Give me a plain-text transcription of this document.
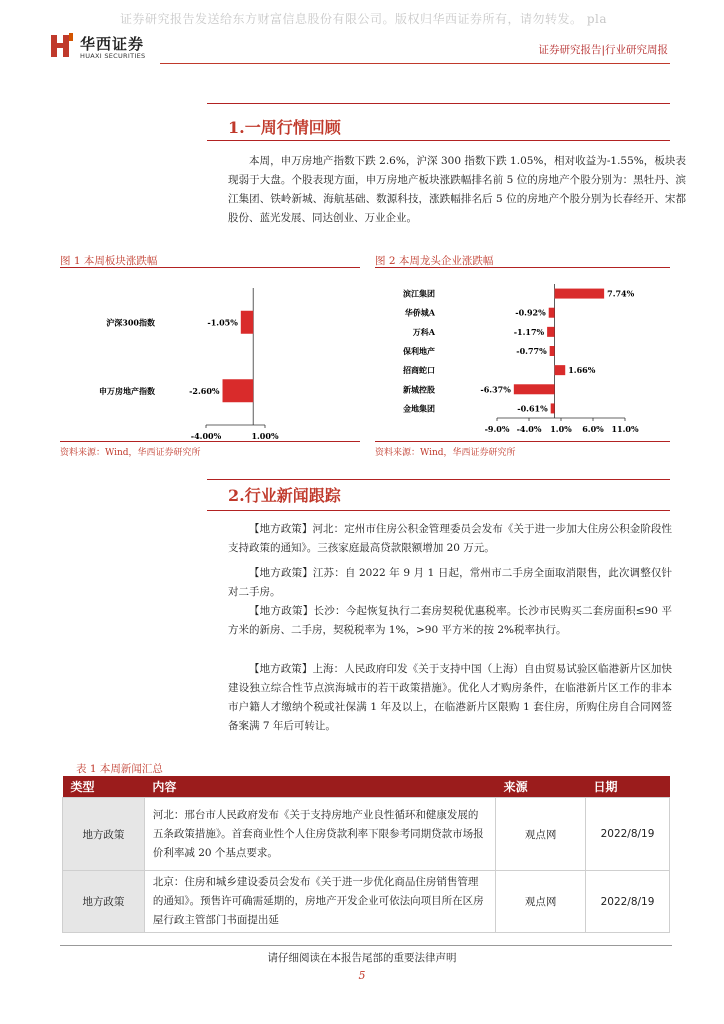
证券研究报告发送给东方财富信息股份有限公司。版权归华西证券所有，请勿转发。 pla
华西证券
HUAXI SECURITIES	证券研究报告|行业研究周报
1.一周行情回顾
本周，申万房地产指数下跌 2.6%，沪深 300 指数下跌 1.05%，相对收益为-1.55%，板块表现弱于大盘。个股表现方面，申万房地产板块涨跌幅排名前 5 位的房地产个股分别为：黑牡丹、滨江集团、铁岭新城、海航基础、数源科技，涨跌幅排名后 5 位的房地产个股分别为长春经开、宋都股份、蓝光发展、同达创业、万业企业。
图 1 本周板块涨跌幅
沪深300指数	-1.05%
申万房地产指数	-2.60%
-4.00%	1.00%
资料来源：Wind，华西证券研究所
图 2 本周龙头企业涨跌幅
滨江集团	7.74%
华侨城A	-0.92%
万科A	-1.17%
保利地产	-0.77%
招商蛇口	1.66%
新城控股	-6.37%
金地集团	-0.61%
-9.0% -4.0% 1.0% 6.0% 11.0%
资料来源：Wind，华西证券研究所
2.行业新闻跟踪
【地方政策】河北：定州市住房公积金管理委员会发布《关于进一步加大住房公积金阶段性支持政策的通知》。三孩家庭最高贷款限额增加 20 万元。
【地方政策】江苏：自 2022 年 9 月 1 日起，常州市二手房全面取消限售，此次调整仅针对二手房。
【地方政策】长沙：今起恢复执行二套房契税优惠税率。长沙市民购买二套房面积≤90 平方米的新房、二手房，契税税率为 1%，>90 平方米的按 2%税率执行。
【地方政策】上海：人民政府印发《关于支持中国（上海）自由贸易试验区临港新片区加快建设独立综合性节点滨海城市的若干政策措施》。优化人才购房条件，在临港新片区工作的非本市户籍人才缴纳个税或社保满 1 年及以上，在临港新片区限购 1 套住房，所购住房自合同网签备案满 7 年后可转让。
表 1 本周新闻汇总
类型	内容	来源	日期
地方政策	河北：邢台市人民政府发布《关于支持房地产业良性循环和健康发展的五条政策措施》。首套商业性个人住房贷款利率下限参考同期贷款市场报价利率减 20 个基点要求。	观点网	2022/8/19
地方政策	北京：住房和城乡建设委员会发布《关于进一步优化商品住房销售管理的通知》。预售许可确需延期的，房地产开发企业可依法向项目所在区房屋行政主管部门书面提出延	观点网	2022/8/19
请仔细阅读在本报告尾部的重要法律声明
5
